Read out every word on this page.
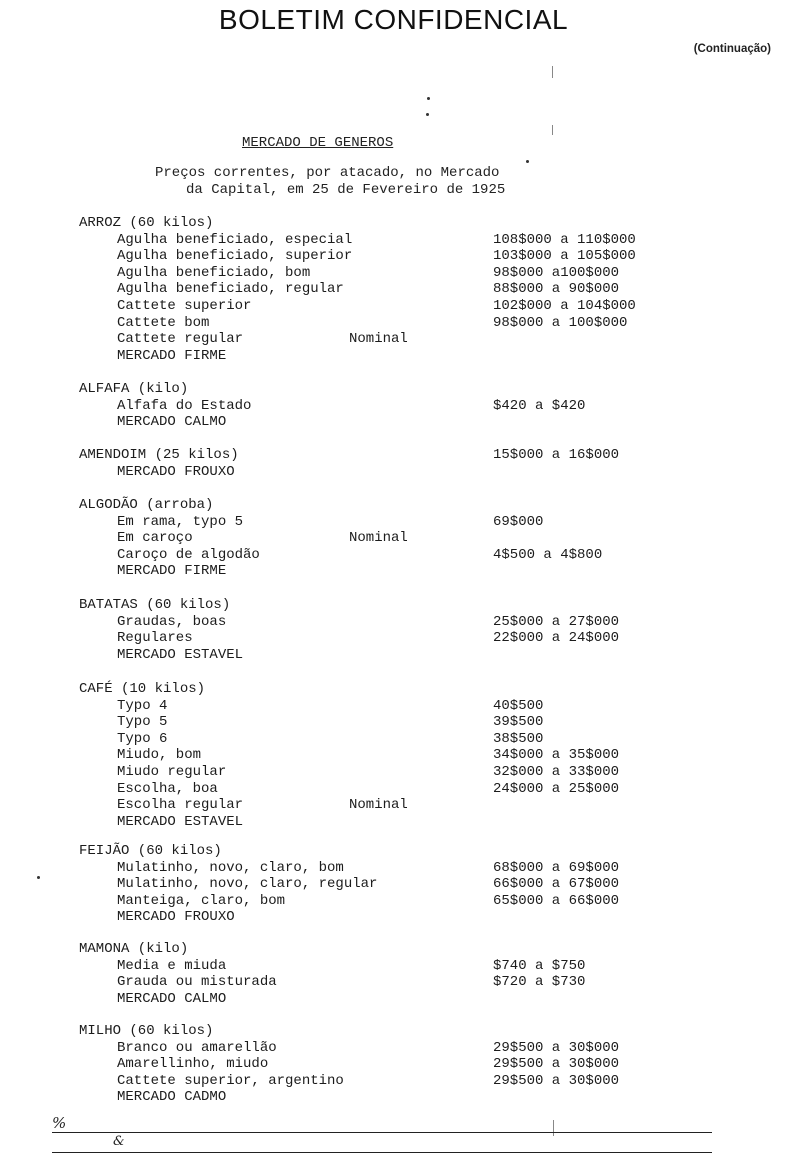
BOLETIM CONFIDENCIAL
(Continuação)
MERCADO DE GENEROS
Preços correntes, por atacado, no Mercado
da Capital, em 25 de Fevereiro de 1925
ARROZ (60 kilos)
Agulha beneficiado, especial	108$000 a 110$000
Agulha beneficiado, superior	103$000 a 105$000
Agulha beneficiado, bom	98$000 a100$000
Agulha beneficiado, regular	88$000 a 90$000
Cattete superior	102$000 a 104$000
Cattete bom	98$000 a 100$000
Cattete regular	Nominal
MERCADO FIRME
ALFAFA (kilo)
Alfafa do Estado	$420 a $420
MERCADO CALMO
AMENDOIM (25 kilos)	15$000 a 16$000
MERCADO FROUXO
ALGODÃO (arroba)
Em rama, typo 5	69$000
Em caroço	Nominal
Caroço de algodão	4$500 a 4$800
MERCADO FIRME
BATATAS (60 kilos)
Graudas, boas	25$000 a 27$000
Regulares	22$000 a 24$000
MERCADO ESTAVEL
CAFÉ (10 kilos)
Typo 4	40$500
Typo 5	39$500
Typo 6	38$500
Miudo, bom	34$000 a 35$000
Miudo regular	32$000 a 33$000
Escolha, boa	24$000 a 25$000
Escolha regular	Nominal
MERCADO ESTAVEL
FEIJÃO (60 kilos)
Mulatinho, novo, claro, bom	68$000 a 69$000
Mulatinho, novo, claro, regular	66$000 a 67$000
Manteiga, claro, bom	65$000 a 66$000
MERCADO FROUXO
MAMONA (kilo)
Media e miuda	$740 a $750
Grauda ou misturada	$720 a $730
MERCADO CALMO
MILHO (60 kilos)
Branco ou amarellão	29$500 a 30$000
Amarellinho, miudo	29$500 a 30$000
Cattete superior, argentino	29$500 a 30$000
MERCADO CADMO
%
&
